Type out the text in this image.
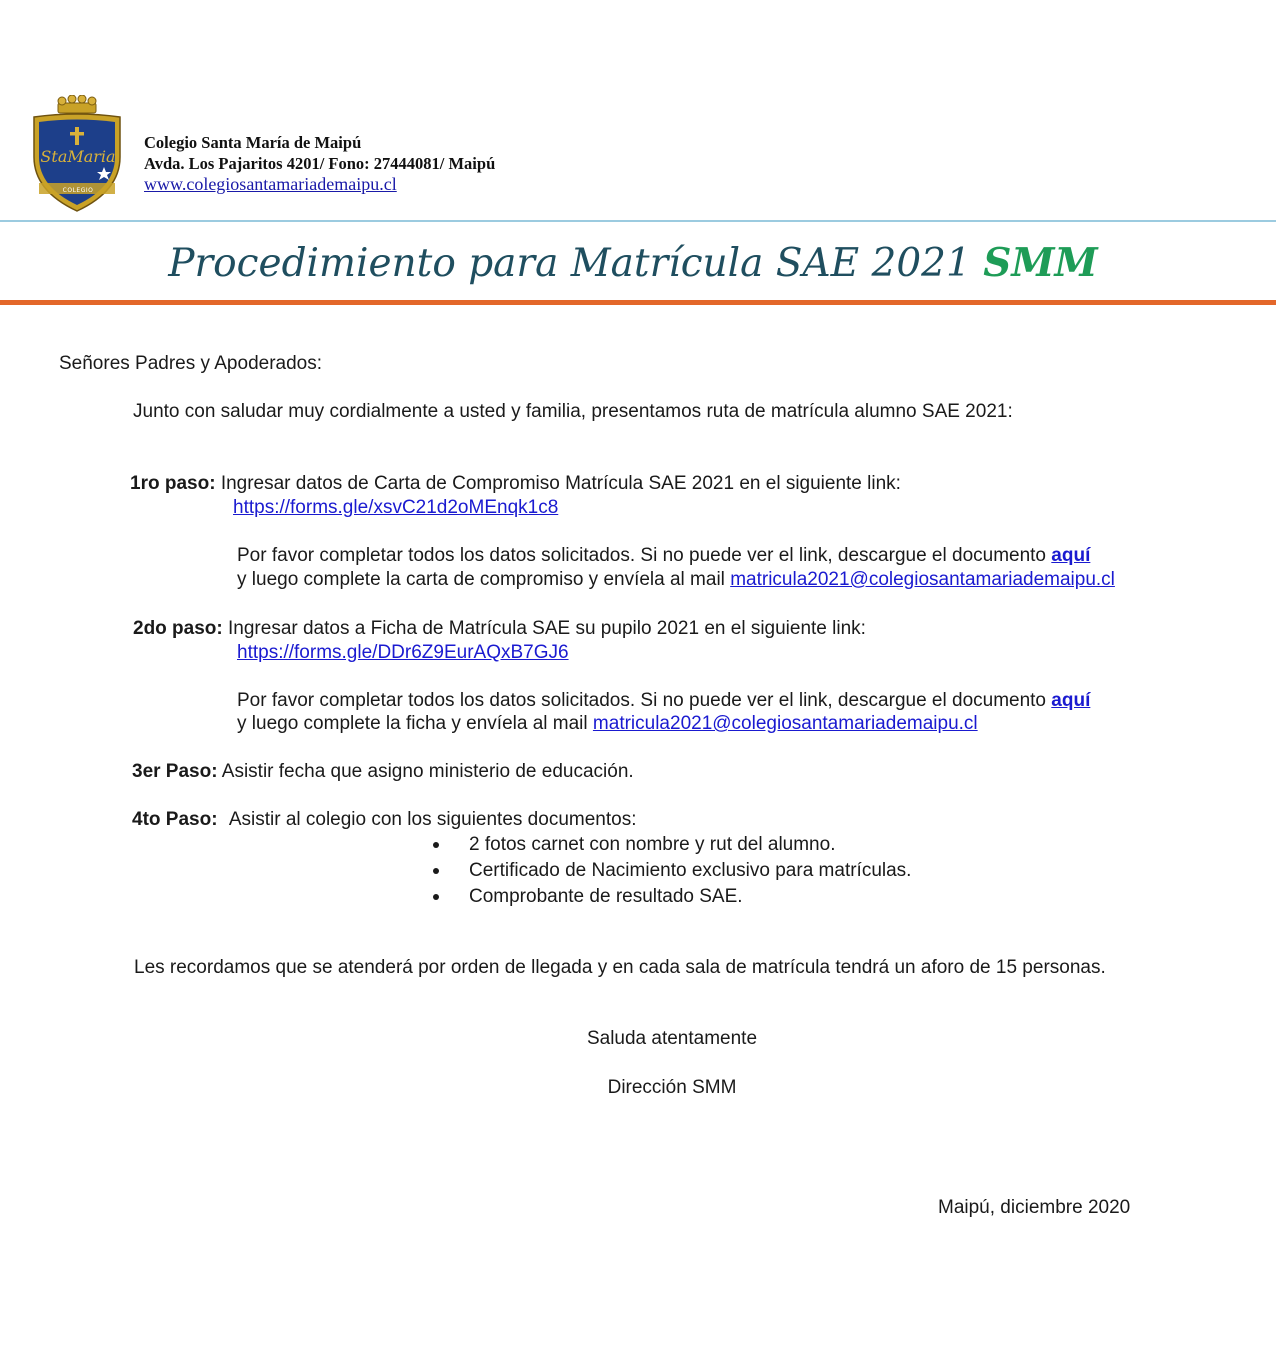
StaMaria
COLEGIO
Colegio Santa María de Maipú
Avda. Los Pajaritos 4201/ Fono: 27444081/ Maipú
www.colegiosantamariademaipu.cl
Procedimiento para Matrícula SAE 2021 SMM
Señores Padres y Apoderados:
Junto con saludar muy cordialmente a usted y familia, presentamos ruta de matrícula alumno SAE 2021:
1ro paso: Ingresar datos de Carta de Compromiso Matrícula SAE 2021 en el siguiente link:
https://forms.gle/xsvC21d2oMEnqk1c8
Por favor completar todos los datos solicitados. Si no puede ver el link, descargue el documento aquí
y luego complete la carta de compromiso y envíela al mail matricula2021@colegiosantamariademaipu.cl
2do paso: Ingresar datos a Ficha de Matrícula SAE su pupilo 2021 en el siguiente link:
https://forms.gle/DDr6Z9EurAQxB7GJ6
Por favor completar todos los datos solicitados. Si no puede ver el link, descargue el documento aquí
y luego complete la ficha y envíela al mail matricula2021@colegiosantamariademaipu.cl
3er Paso: Asistir fecha que asigno ministerio de educación.
4to Paso: Asistir al colegio con los siguientes documentos:
2 fotos carnet con nombre y rut del alumno.
Certificado de Nacimiento exclusivo para matrículas.
Comprobante de resultado SAE.
Les recordamos que se atenderá por orden de llegada y en cada sala de matrícula tendrá un aforo de 15 personas.
Saluda atentamente
Dirección SMM
Maipú, diciembre 2020
